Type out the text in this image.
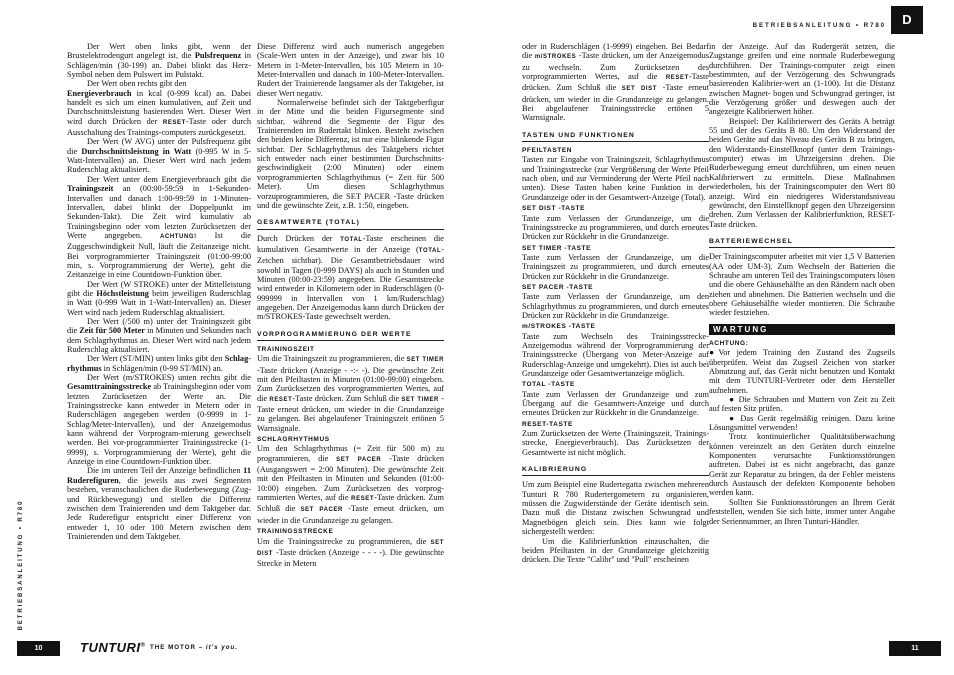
BETRIEBSANLEITUNG • R780	D
BETRIEBSANLEITUNG • R780

Der Wert oben links gibt, wenn der Brustelektrodengurt angelegt ist, die Pulsfrequenz in Schlägen/min (30-199) an. Dabei blinkt das Herz-Symbol neben dem Pulswert im Pulstakt.

Der Wert oben rechts gibt den

Energieverbrauch in kcal (0-999 kcal) an. Dabei handelt es sich um einen kumulativen, auf Zeit und Durchschnittsleistung basierenden Wert. Dieser Wert wird durch Drücken der RESET-Taste oder durch Ausschaltung des Trainings-computers zurückgesetzt.

Der Wert (W AVG) unter der Pulsfrequenz gibt die Durchschnittsleistung in Watt (0-995 W in 5-Watt-Intervallen) an. Dieser Wert wird nach jedem Ruderschlag aktualisiert.

Der Wert unter dem Energieverbrauch gibt die Trainingszeit an (00:00-59:59 in 1-Sekunden-Intervallen und danach 1:00-99:59 in 1-Minuten-Intervallen, dabei blinkt der Doppelpunkt im Sekunden-Takt). Die Zeit wird kumulativ ab Trainingsbeginn oder vom letzten Zurücksetzen der Werte angegeben. ACHTUNG! Ist die Zuggeschwindigkeit Null, läuft die Zeitanzeige nicht. Bei vorprogrammierter Trainingszeit (01:00-99:00 min, s. Vorprogrammierung der Werte), geht die Zeitanzeige in eine Countdown-Funktion über.

Der Wert (W STROKE) unter der Mittelleistung gibt die Höchstleistung beim jeweiligen Ruderschlag in Watt (0-999 Watt in 1-Watt-Intervallen) an. Dieser Wert wird nach jedem Ruderschlag aktualisiert.

Der Wert (/500 m) unter der Trainingszeit gibt die Zeit für 500 Meter in Minuten und Sekunden nach dem Schlagrhythmus an. Dieser Wert wird nach jedem Ruderschlag aktualisiert.

Der Wert (ST/MIN) unten links gibt den Schlag-rhythmus in Schlägen/min (0-99 ST/MIN) an.

Der Wert (m/STROKES) unten rechts gibt die Gesamttrainingsstrecke ab Trainingsbeginn oder vom letzten Zurücksetzen der Werte an. Die Trainingsstrecke kann entweder in Metern oder in Ruderschlägen angegeben werden (0-9999 in 1-Schlag/Meter-Intervallen), und der Anzeigemodus kann während der Vorprogram-mierung gewechselt werden. Bei vor-programmierter Trainingsstrecke (1-9999), s. Vorprogrammierung der Werte), geht die Anzeige in eine Countdown-Funktion über.

Die im unteren Teil der Anzeige befindlichen 11 Ruderefiguren, die jeweils aus zwei Segmenten bestehen, veranschaulichen die Ruderbewegung (Zug- und Rückbewegung) und stellen die Differenz zwischen dem Trainierenden und dem Taktgeber dar. Jede Ruderefigur entspricht einer Differenz von entweder 1, 10 oder 100 Metern zwischen dem Trainierenden und dem Taktgeber.

Diese Differenz wird auch numerisch angegeben (Scale-Wert unten in der Anzeige), und zwar bis 10 Metern in 1-Meter-Intervallen, bis 105 Metern in 10-Meter-Intervallen und danach in 100-Meter-Intervallen. Rudert der Trainierende langsamer als der Taktgeber, ist dieser Wert negativ.

Normalerweise befindet sich der Taktgeberfigur in der Mitte und die beiden Figursegmente sind sichtbar, während die Segmente der Figur des Trainierenden im Rudertakt blinken. Besteht zwischen den beiden keine Differenz, ist nur eine blinkende Figur sichtbar. Der Schlagrhythmus des Taktgebers richtet sich entweder nach einer bestimmten Durchschnitts-geschwindigkeit (2:00 Minuten) oder einem vorprogrammierten Schlagrhythmus (= Zeit für 500 Meter). Um diesen Schlagrhythmus vorzuprogrammieren, die SET PACER -Taste drücken und die gewünschte Zeit, z.B. 1:50, eingeben.

GESAMTWERTE (TOTAL)

Durch Drücken der TOTAL-Taste erscheinen die kumulativen Gesamtwerte in der Anzeige (TOTAL-Zeichen sichtbar). Die Gesamtbetriebsdauer wird sowohl in Tagen (0-999 DAYS) als auch in Stunden und Minuten (00:00-23:59) angegeben. Die Gesamtstrecke wird entweder in Kilometern oder in Ruderschlägen (0-999999 in Intervallen von 1 km/Ruderschlag) angegeben. Der Anzeigemodus kann durch Drücken der m/STROKES-Taste gewechselt werden.

VORPROGRAMMIERUNG DER WERTE
TRAININGSZEIT

Um die Trainingszeit zu programmieren, die SET TIMER -Taste drücken (Anzeige - -:- -). Die gewünschte Zeit mit den Pfeiltasten in Minuten (01:00-99:00) eingeben. Zum Zurücksetzen des vorprogrammierten Wertes, auf die RESET-Taste drücken. Zum Schluß die SET TIMER -Taste erneut drücken, um wieder in die Grundanzeige zu gelangen. Bei abgelaufener Trainingszeit ertönen 5 Warnsignale.

SCHLAGRHYTHMUS

Um den Schlagrhythmus (= Zeit für 500 m) zu programmieren, die SET PACER -Taste drücken (Ausgangswert = 2:00 Minuten). Die gewünschte Zeit mit den Pfeiltasten in Minuten und Sekunden (01:00-10:00) eingeben. Zum Zurücksetzen des vorprog-rammierten Wertes, auf die RESET-Taste drücken. Zum Schluß die SET PACER -Taste erneut drücken, um wieder in die Grundanzeige zu gelangen.

TRAININGSSTRECKE

Um die Trainingsstrecke zu programmieren, die SET DIST -Taste drücken (Anzeige - - - -). Die gewünschte Strecke in Metern

oder in Ruderschlägen (1-9999) eingeben. Bei Bedarf die m/STROKES -Taste drücken, um der Anzeigemodus zu wechseln. Zum Zurücksetzen des vorprogrammierten Wertes, auf die RESET-Taste drücken. Zum Schluß die SET DIST -Taste erneut drücken, um wieder in die Grundanzeige zu gelangen. Bei abgelaufener Trainingsstrecke ertönen 5 Warnsignale.

TASTEN UND FUNKTIONEN
PFEILTASTEN

Tasten zur Eingabe von Trainingszeit, Schlagrhythmus und Trainingsstrecke (zur Vergrößerung der Werte Pfeil nach oben, und zur Verminderung der Werte Pfeil nach unten). Diese Tasten haben keine Funktion in der Grundanzeige oder in der Gesamtwert-Anzeige (Total).

SET DIST -TASTE

Taste zum Verlassen der Grundanzeige, um die Trainingsstrecke zu programmieren, und durch erneutes Drücken zur Rückkehr in die Grundanzeige.

SET TIMER -TASTE

Taste zum Verlassen der Grundanzeige, um die Trainingszeit zu programmieren, und durch erneutes Drücken zur Rückkehr in die Grundanzeige.

SET PACER -TASTE

Taste zum Verlassen der Grundanzeige, um den Schlagrhythmus zu programmieren, und durch erneutes Drücken zur Rückkehr in die Grundanzeige.

m/STROKES -TASTE

Taste zum Wechseln des Trainingsstrecke-Anzeigemodus während der Vorprogrammierung der Trainingsstrecke (Übergang von Meter-Anzeige auf Ruderschlag-Anzeige und umgekehrt). Dies ist auch bei Grundanzeige oder Gesamtwertanzeige möglich.

TOTAL -TASTE

Taste zum Verlassen der Grundanzeige und zum Übergang auf die Gesamtwert-Anzeige und durch erneutes Drücken zur Rückkehr in die Grundanzeige.

RESET-TASTE

Zum Zurücksetzen der Werte (Trainingszeit, Trainings-strecke, Energieverbrauch). Das Zurücksetzen der Gesamtwerte ist nicht möglich.

KALIBRIERUNG

Um zum Beispiel eine Rudertegatta zwischen mehreren Tunturi R 780 Rudertergometern zu organisieren, müssen die Zugwiderstände der Geräte identisch sein. Dazu muß die Distanz zwischen Schwungrad und Magnetbögen gleich sein. Dies kann wie folgt sichergestellt werden:

Um die Kalibrierfunktion einzuschalten, die beiden Pfeiltasten in der Grundanzeige gleichzeitig drücken. Die Texte "Calibr" und "Pull" erscheinen

in der Anzeige. Auf das Rudergerät setzen, die Zugstange greifen und eine normale Ruderbewegung durchführen. Der Trainings-computer zeigt einen bestimmten, auf der Verzögerung des Schwungrads basierenden Kalibrier-wert an (1-100). Ist die Distanz zwischen Magnet- bogen und Schwungrad geringer, ist die Verzögerung größer und deswegen auch der angezeigte Kalibrierwert höher.

Beispiel: Der Kalibrierwert des Geräts A beträgt 55 und der des Geräts B 80. Um den Widerstand der beiden Geräte auf das Niveau des Geräts B zu bringen, den Widerstands-Einstellknopf (unter dem Trainings-computer) etwas im Uhrzeigersinn drehen. Die Ruderbewegung erneut durchführen, um einen neuen Kalibrierwert zu ermitteln. Diese Maßnahmen wiederholen, bis der Trainingscomputer den Wert 80 anzeigt. Wird ein niedrigeres Widerstandsniveau gewünscht, den Einstellknopf gegen den Uhrzeigersinn drehen. Zum Verlassen der Kalibrierfunktion, RESET-Taste drücken.

BATTERIEWECHSEL

Der Trainingscomputer arbeitet mit vier 1,5 V Batterien (AA oder UM-3). Zum Wechseln der Batterien die Schraube am unteren Teil des Trainingscomputers lösen und die obere Gehäusehälfte an den Rändern nach oben ziehen und abnehmen. Die Batterien wechseln und die obere Gehäusehälfte wieder montieren. Die Schraube wieder festziehen.

WARTUNG
ACHTUNG:

●Vor jedem Training den Zustand des Zugseils überprüfen. Weist das Zugseil Zeichen von starker Abnutzung auf, das Gerät nicht benutzen und Kontakt mit dem TUNTURI-Vertreter oder dem Hersteller aufnehmen.

● Die Schrauben und Muttern von Zeit zu Zeit auf festen Sitz prüfen.

● Das Gerät regelmäßig reinigen. Dazu keine Lösungsmittel verwenden!

Trotz kontinuierlicher Qualitätsüberwachung können vereinzelt an den Geräten durch einzelne Komponenten verursachte Funktionsstörungen auftreten. Dabei ist es nicht angebracht, das ganze Gerät zur Reparatur zu bringen, da der Fehler meistens durch Austausch der defekten Komponente behoben werden kann.

Sollten Sie Funktionsstörungen an Ihrem Gerät feststellen, wenden Sie sich bitte, immer unter Angabe der Seriennummer, an Ihren Tunturi-Händler.

10	TUNTURI® THE MOTOR – it's you.	11
